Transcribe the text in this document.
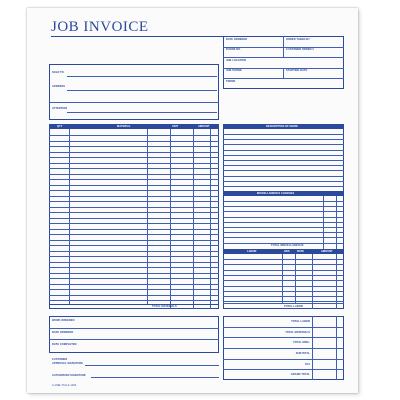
JOB INVOICE
DATE ORDERED	ORDER TAKEN BY
PHONE NO.	CUSTOMER ORDER #
JOB LOCATION
JOB PHONE	STARTING DATE
TERMS
SOLD TO
ADDRESS
ATTENTION
QTY	MATERIAL	UNIT	AMOUNT
TOTAL MATERIALS
DESCRIPTION OF WORK
MISCELLANEOUS CHARGES
TOTAL MISCELLANEOUS
LABOR	HRS	RATE	AMOUNT
TOTAL LABOR
WORK ORDERED
DATE ORDERED
DATE COMPLETED
CUSTOMER
APPROVAL SIGNATURE
AUTHORIZED SIGNATURE
A-ONE-TCH-F-1234
TOTAL LABOR
TOTAL MATERIALS
TOTAL MISC.
SUBTOTAL
TAX
GRAND TOTAL
